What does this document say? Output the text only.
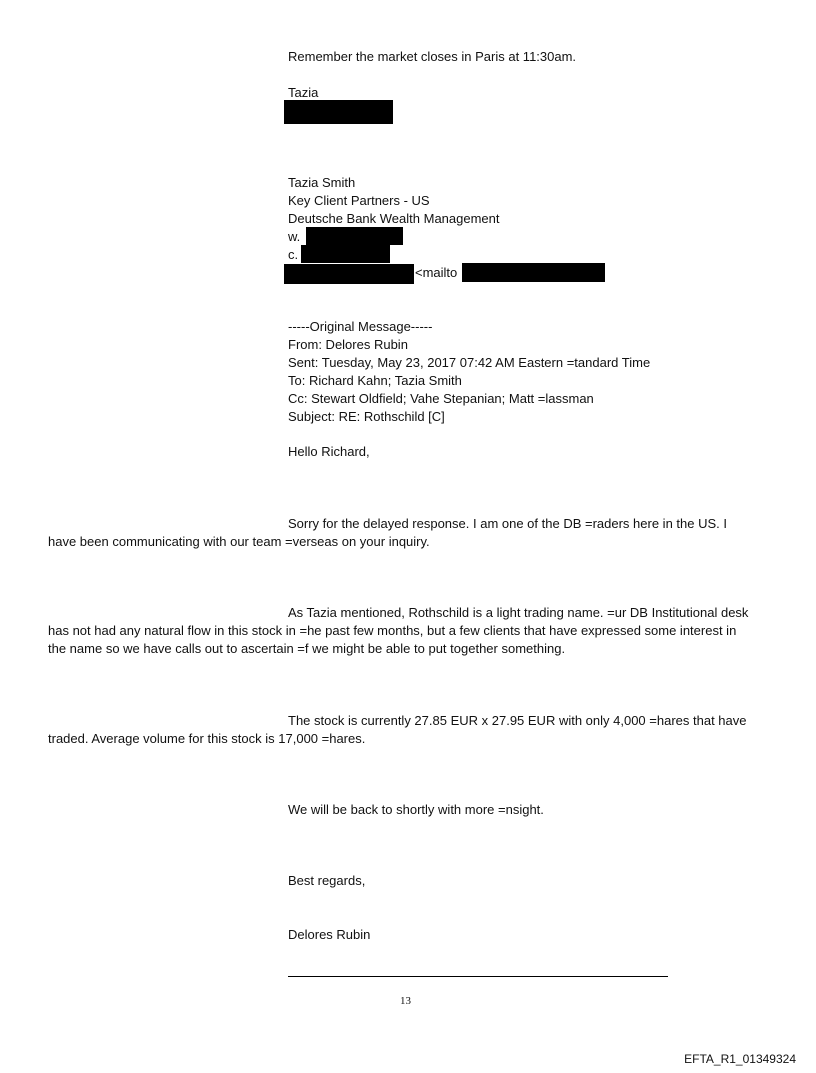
Remember the market closes in Paris at 11:30am.
Tazia
Tazia Smith
Key Client Partners - US
Deutsche Bank Wealth Management
w.
c.
<mailto
-----Original Message-----
From: Delores Rubin
Sent: Tuesday, May 23, 2017 07:42 AM Eastern =tandard Time
To: Richard Kahn; Tazia Smith
Cc: Stewart Oldfield; Vahe Stepanian; Matt =lassman
Subject: RE: Rothschild [C]
Hello Richard,
Sorry for the delayed response. I am one of the DB =raders here in the US. I
have been communicating with our team =verseas on your inquiry.
As Tazia mentioned, Rothschild is a light trading name. =ur DB Institutional desk
has not had any natural flow in this stock in =he past few months, but a few clients that have expressed some interest in
the name so we have calls out to ascertain =f we might be able to put together something.
The stock is currently 27.85 EUR x 27.95 EUR with only 4,000 =hares that have
traded. Average volume for this stock is 17,000 =hares.
We will be back to shortly with more =nsight.
Best regards,
Delores Rubin
13
EFTA_R1_01349324
